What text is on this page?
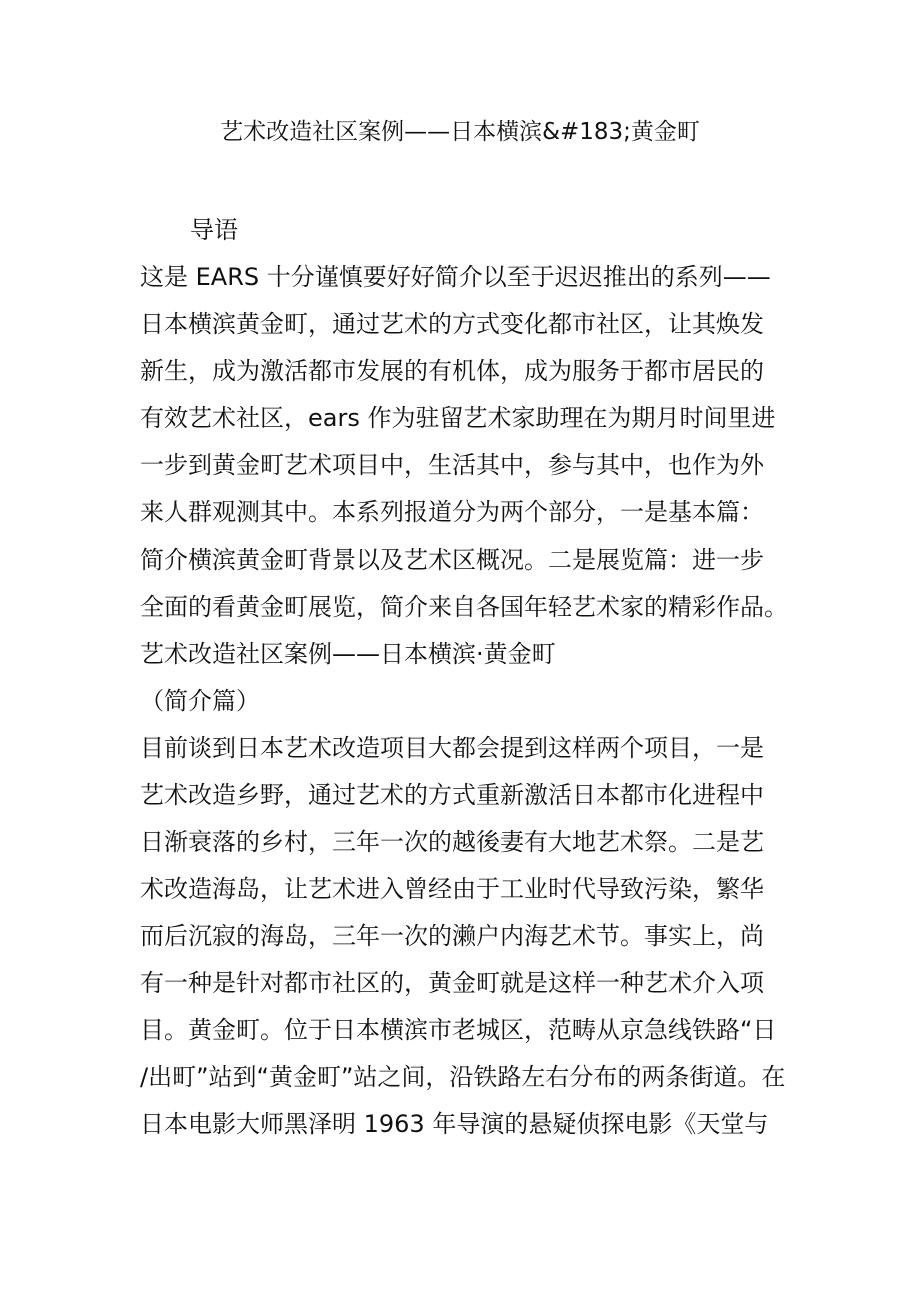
艺术改造社区案例——日本横滨&#183;黄金町
导语
这是 EARS 十分谨慎要好好简介以至于迟迟推出的系列——
日本横滨黄金町，通过艺术的方式变化都市社区，让其焕发
新生，成为激活都市发展的有机体，成为服务于都市居民的
有效艺术社区，ears 作为驻留艺术家助理在为期月时间里进
一步到黄金町艺术项目中，生活其中，参与其中，也作为外
来人群观测其中。本系列报道分为两个部分，一是基本篇：
简介横滨黄金町背景以及艺术区概况。二是展览篇：进一步
全面的看黄金町展览，简介来自各国年轻艺术家的精彩作品。
艺术改造社区案例——日本横滨·黄金町
（简介篇）
目前谈到日本艺术改造项目大都会提到这样两个项目，一是
艺术改造乡野，通过艺术的方式重新激活日本都市化进程中
日渐衰落的乡村，三年一次的越後妻有大地艺术祭。二是艺
术改造海岛，让艺术进入曾经由于工业时代导致污染，繁华
而后沉寂的海岛，三年一次的濑户内海艺术节。事实上，尚
有一种是针对都市社区的，黄金町就是这样一种艺术介入项
目。黄金町。位于日本横滨市老城区，范畴从京急线铁路“日
/出町”站到“黄金町”站之间，沿铁路左右分布的两条街道。在
日本电影大师黑泽明 1963 年导演的悬疑侦探电影《天堂与
